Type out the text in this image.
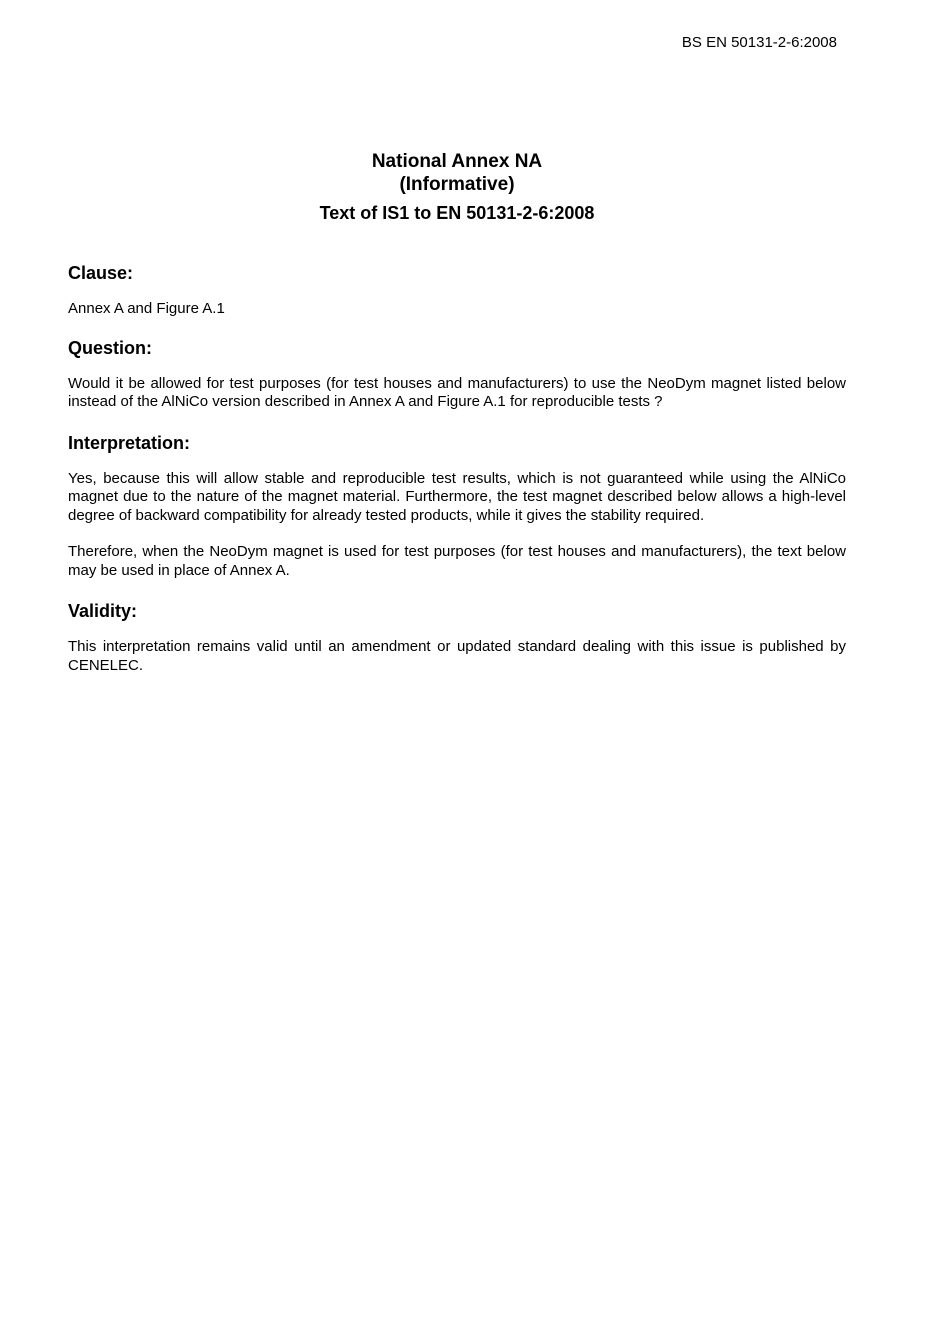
BS EN 50131-2-6:2008
National Annex NA
(Informative)
Text of IS1 to EN 50131-2-6:2008
Clause:
Annex A and Figure A.1
Question:
Would it be allowed for test purposes (for test houses and manufacturers) to use the NeoDym magnet listed below instead of the AlNiCo version described in Annex A and Figure A.1 for reproducible tests ?
Interpretation:
Yes, because this will allow stable and reproducible test results, which is not guaranteed while using the AlNiCo magnet due to the nature of the magnet material. Furthermore, the test magnet described below allows a high-level degree of backward compatibility for already tested products, while it gives the stability required.
Therefore, when the NeoDym magnet is used for test purposes (for test houses and manufacturers), the text below may be used in place of Annex A.
Validity:
This interpretation remains valid until an amendment or updated standard dealing with this issue is published by CENELEC.
